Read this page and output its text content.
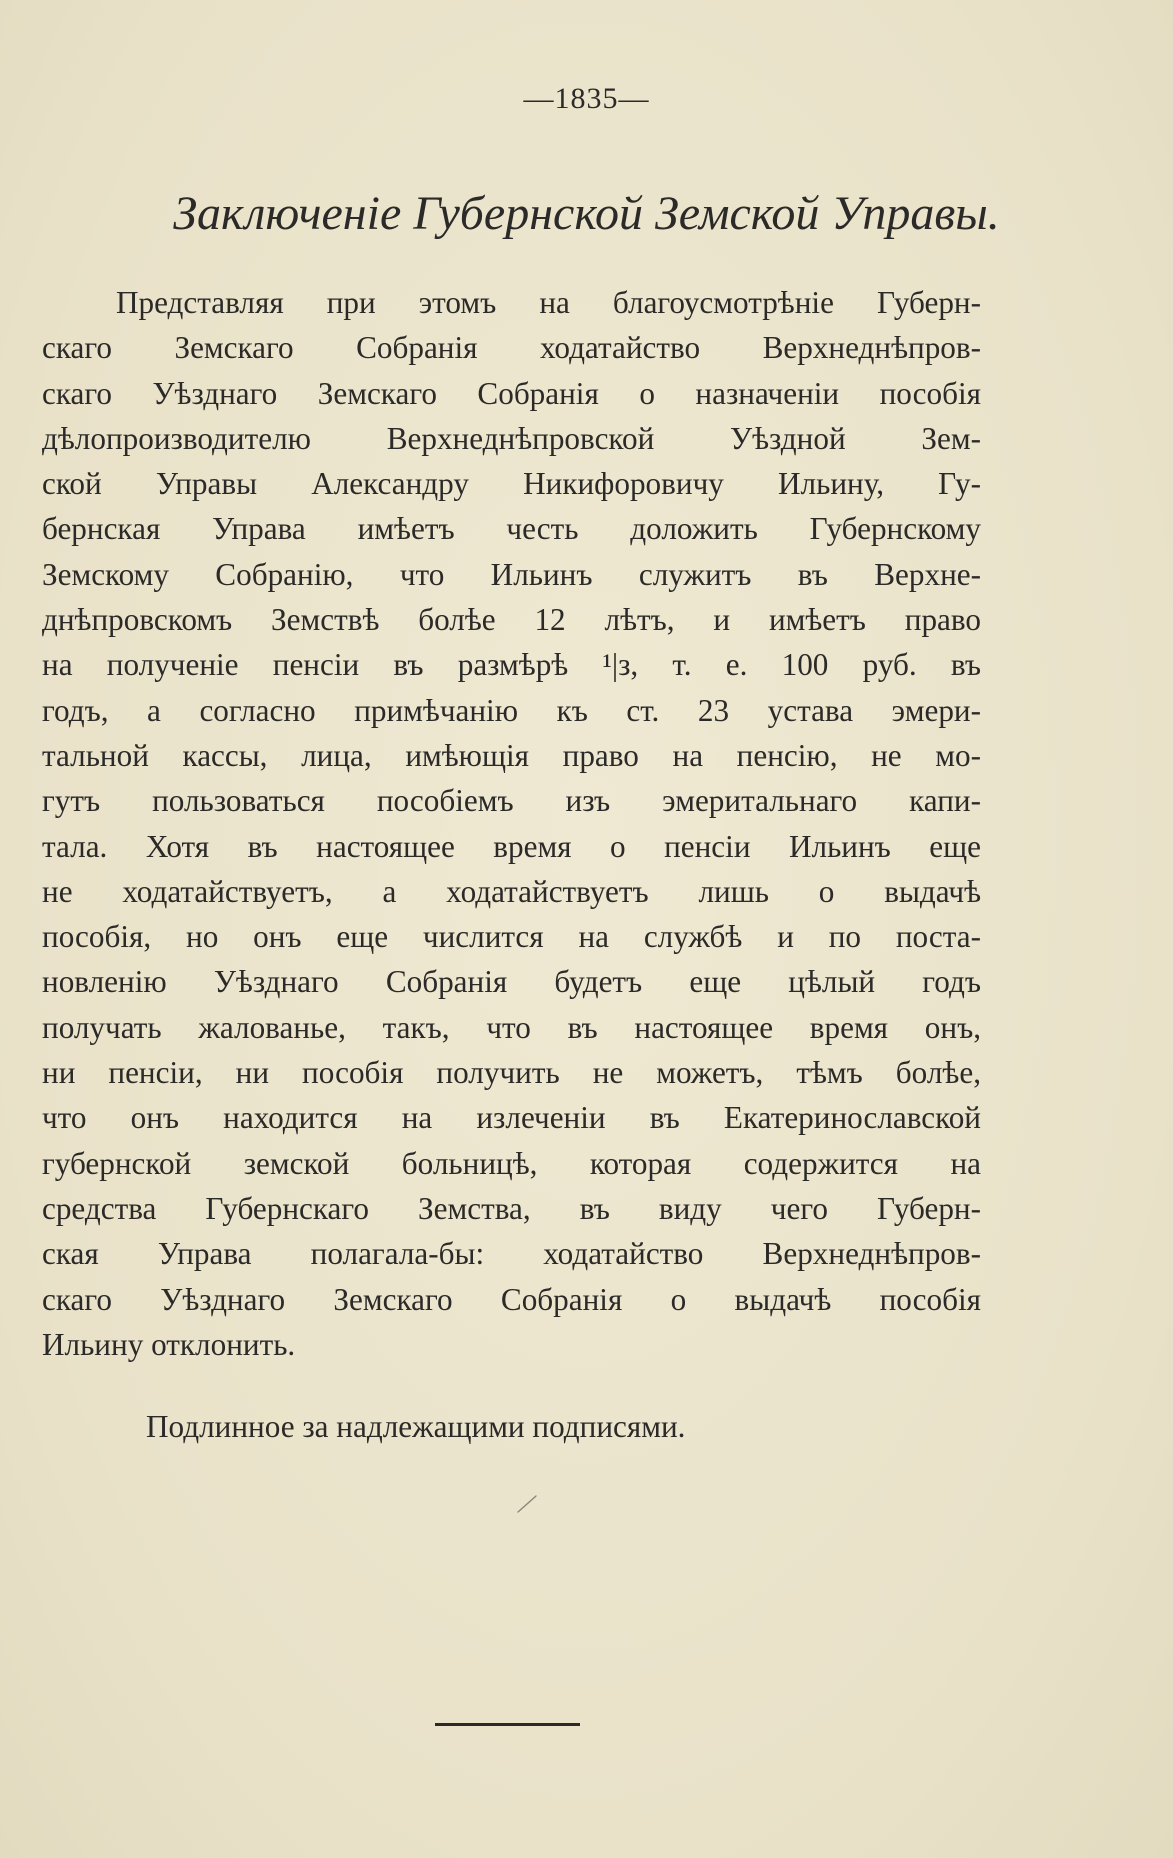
—1835—
Заключеніе Губернской Земской Управы.
Представляя при этомъ на благоусмотрѣніе Губерн-
скаго Земскаго Собранія ходатайство Верхнеднѣпров-
скаго Уѣзднаго Земскаго Собранія о назначеніи пособія
дѣлопроизводителю Верхнеднѣпровской Уѣздной Зем-
ской Управы Александру Никифоровичу Ильину, Гу-
бернская Управа имѣетъ честь доложить Губернскому
Земскому Собранію, что Ильинъ служитъ въ Верхне-
днѣпровскомъ Земствѣ болѣе 12 лѣтъ, и имѣетъ право
на полученіе пенсіи въ размѣрѣ ¹|з, т. е. 100 руб. въ
годъ, а согласно примѣчанію къ ст. 23 устава эмери-
тальной кассы, лица, имѣющія право на пенсію, не мо-
гутъ пользоваться пособіемъ изъ эмеритальнаго капи-
тала. Хотя въ настоящее время о пенсіи Ильинъ еще
не ходатайствуетъ, а ходатайствуетъ лишь о выдачѣ
пособія, но онъ еще числится на службѣ и по поста-
новленію Уѣзднаго Собранія будетъ еще цѣлый годъ
получать жалованье, такъ, что въ настоящее время онъ,
ни пенсіи, ни пособія получить не можетъ, тѣмъ болѣе,
что онъ находится на излеченіи въ Екатеринославской
губернской земской больницѣ, которая содержится на
средства Губернскаго Земства, въ виду чего Губерн-
ская Управа полагала-бы: ходатайство Верхнеднѣпров-
скаго Уѣзднаго Земскаго Собранія о выдачѣ пособія
Ильину отклонить.
Подлинное за надлежащими подписями.
